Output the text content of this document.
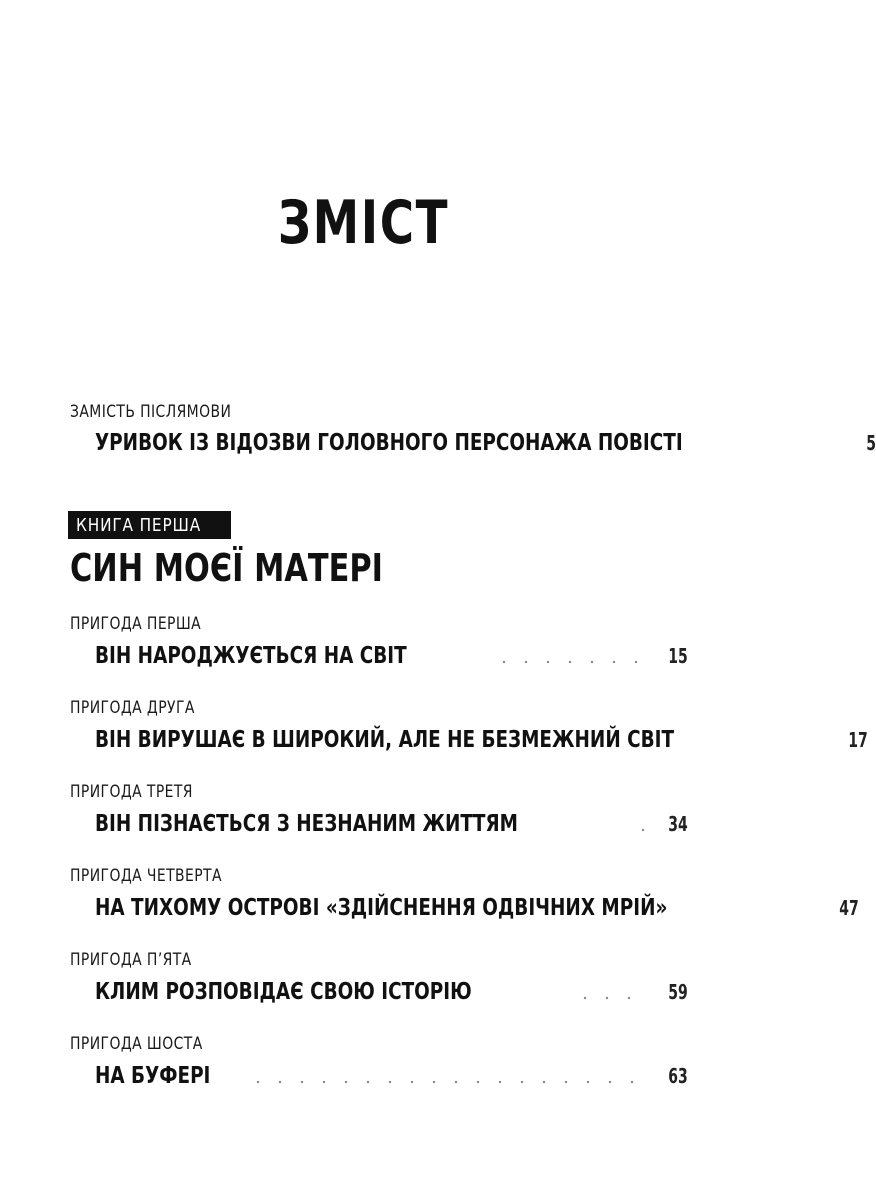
ЗМІСТ
ЗАМІСТЬ ПІСЛЯМОВИ
УРИВОК ІЗ ВІДОЗВИ ГОЛОВНОГО ПЕРСОНАЖА ПОВІСТІ	5
КНИГА ПЕРША
СИН МОЄЇ МАТЕРІ
ПРИГОДА ПЕРША
ВІН НАРОДЖУЄТЬСЯ НА СВІТ	15
ПРИГОДА ДРУГА
ВІН ВИРУШАЄ В ШИРОКИЙ, АЛЕ НЕ БЕЗМЕЖНИЙ СВІТ	17
ПРИГОДА ТРЕТЯ
ВІН ПІЗНАЄТЬСЯ З НЕЗНАНИМ ЖИТТЯМ	34
ПРИГОДА ЧЕТВЕРТА
НА ТИХОМУ ОСТРОВІ «ЗДІЙСНЕННЯ ОДВІЧНИХ МРІЙ»	47
ПРИГОДА П’ЯТА
КЛИМ РОЗПОВІДАЄ СВОЮ ІСТОРІЮ	59
ПРИГОДА ШОСТА
НА БУФЕРІ	63
